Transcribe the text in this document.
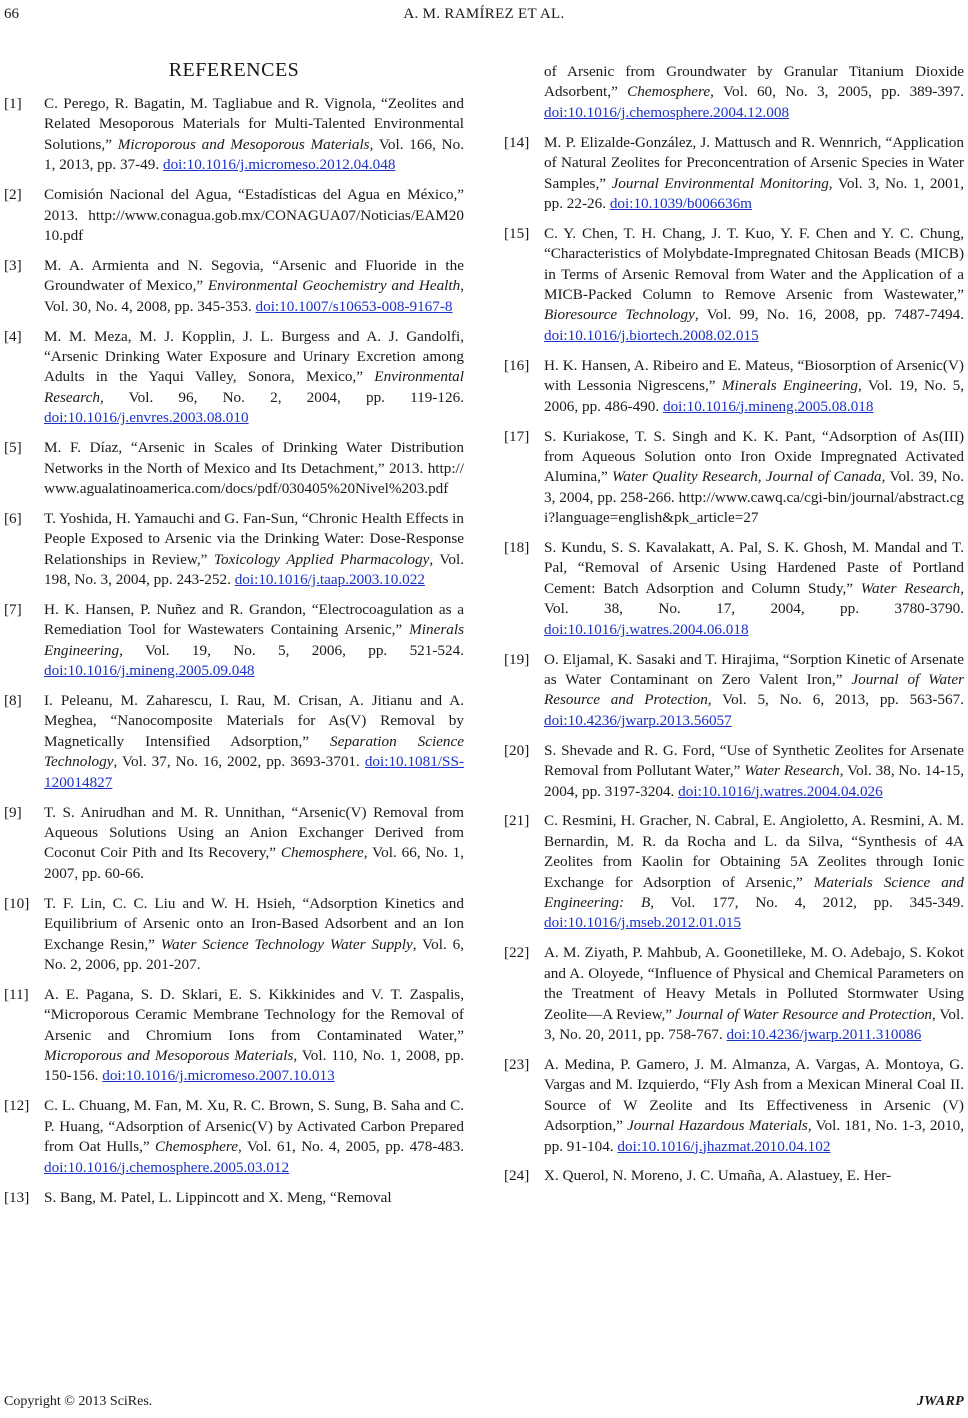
66	A. M. RAMÍREZ ET AL.
REFERENCES
[1]	C. Perego, R. Bagatin, M. Tagliabue and R. Vignola, “Zeolites and Related Mesoporous Materials for Multi-Talented Environmental Solutions,” Microporous and Mesoporous Materials, Vol. 166, No. 1, 2013, pp. 37-49. doi:10.1016/j.micromeso.2012.04.048
[2]	Comisión Nacional del Agua, “Estadísticas del Agua en México,” 2013. http://www.conagua.gob.mx/CONAGUA07/Noticias/EAM2010.pdf
[3]	M. A. Armienta and N. Segovia, “Arsenic and Fluoride in the Groundwater of Mexico,” Environmental Geochemistry and Health, Vol. 30, No. 4, 2008, pp. 345-353. doi:10.1007/s10653-008-9167-8
[4]	M. M. Meza, M. J. Kopplin, J. L. Burgess and A. J. Gandolfi, “Arsenic Drinking Water Exposure and Urinary Excretion among Adults in the Yaqui Valley, Sonora, Mexico,” Environmental Research, Vol. 96, No. 2, 2004, pp. 119-126. doi:10.1016/j.envres.2003.08.010
[5]	M. F. Díaz, “Arsenic in Scales of Drinking Water Distribution Networks in the North of Mexico and Its Detachment,” 2013. http://www.agualatinoamerica.com/docs/pdf/030405%20Nivel%203.pdf
[6]	T. Yoshida, H. Yamauchi and G. Fan-Sun, “Chronic Health Effects in People Exposed to Arsenic via the Drinking Water: Dose-Response Relationships in Review,” Toxicology Applied Pharmacology, Vol. 198, No. 3, 2004, pp. 243-252. doi:10.1016/j.taap.2003.10.022
[7]	H. K. Hansen, P. Nuñez and R. Grandon, “Electrocoagulation as a Remediation Tool for Wastewaters Containing Arsenic,” Minerals Engineering, Vol. 19, No. 5, 2006, pp. 521-524. doi:10.1016/j.mineng.2005.09.048
[8]	I. Peleanu, M. Zaharescu, I. Rau, M. Crisan, A. Jitianu and A. Meghea, “Nanocomposite Materials for As(V) Removal by Magnetically Intensified Adsorption,” Separation Science Technology, Vol. 37, No. 16, 2002, pp. 3693-3701. doi:10.1081/SS-120014827
[9]	T. S. Anirudhan and M. R. Unnithan, “Arsenic(V) Removal from Aqueous Solutions Using an Anion Exchanger Derived from Coconut Coir Pith and Its Recovery,” Chemosphere, Vol. 66, No. 1, 2007, pp. 60-66.
[10] T. F. Lin, C. C. Liu and W. H. Hsieh, “Adsorption Kinetics and Equilibrium of Arsenic onto an Iron-Based Adsorbent and an Ion Exchange Resin,” Water Science Technology Water Supply, Vol. 6, No. 2, 2006, pp. 201-207.
[11]	A. E. Pagana, S. D. Sklari, E. S. Kikkinides and V. T. Zaspalis, “Microporous Ceramic Membrane Technology for the Removal of Arsenic and Chromium Ions from Contaminated Water,” Microporous and Mesoporous Materials, Vol. 110, No. 1, 2008, pp. 150-156. doi:10.1016/j.micromeso.2007.10.013
[12] C. L. Chuang, M. Fan, M. Xu, R. C. Brown, S. Sung, B. Saha and C. P. Huang, “Adsorption of Arsenic(V) by Activated Carbon Prepared from Oat Hulls,” Chemosphere, Vol. 61, No. 4, 2005, pp. 478-483. doi:10.1016/j.chemosphere.2005.03.012
[13] S. Bang, M. Patel, L. Lippincott and X. Meng, “Removal
of Arsenic from Groundwater by Granular Titanium Dioxide Adsorbent,” Chemosphere, Vol. 60, No. 3, 2005, pp. 389-397. doi:10.1016/j.chemosphere.2004.12.008
[14] M. P. Elizalde-González, J. Mattusch and R. Wennrich, “Application of Natural Zeolites for Preconcentration of Arsenic Species in Water Samples,” Journal Environmental Monitoring, Vol. 3, No. 1, 2001, pp. 22-26. doi:10.1039/b006636m
[15] C. Y. Chen, T. H. Chang, J. T. Kuo, Y. F. Chen and Y. C. Chung, “Characteristics of Molybdate-Impregnated Chitosan Beads (MICB) in Terms of Arsenic Removal from Water and the Application of a MICB-Packed Column to Remove Arsenic from Wastewater,” Bioresource Technology, Vol. 99, No. 16, 2008, pp. 7487-7494. doi:10.1016/j.biortech.2008.02.015
[16] H. K. Hansen, A. Ribeiro and E. Mateus, “Biosorption of Arsenic(V) with Lessonia Nigrescens,” Minerals Engineering, Vol. 19, No. 5, 2006, pp. 486-490. doi:10.1016/j.mineng.2005.08.018
[17] S. Kuriakose, T. S. Singh and K. K. Pant, “Adsorption of As(III) from Aqueous Solution onto Iron Oxide Impregnated Activated Alumina,” Water Quality Research, Journal of Canada, Vol. 39, No. 3, 2004, pp. 258-266. http://www.cawq.ca/cgi-bin/journal/abstract.cgi?language=english&pk_article=27
[18] S. Kundu, S. S. Kavalakatt, A. Pal, S. K. Ghosh, M. Mandal and T. Pal, “Removal of Arsenic Using Hardened Paste of Portland Cement: Batch Adsorption and Column Study,” Water Research, Vol. 38, No. 17, 2004, pp. 3780-3790. doi:10.1016/j.watres.2004.06.018
[19] O. Eljamal, K. Sasaki and T. Hirajima, “Sorption Kinetic of Arsenate as Water Contaminant on Zero Valent Iron,” Journal of Water Resource and Protection, Vol. 5, No. 6, 2013, pp. 563-567. doi:10.4236/jwarp.2013.56057
[20] S. Shevade and R. G. Ford, “Use of Synthetic Zeolites for Arsenate Removal from Pollutant Water,” Water Research, Vol. 38, No. 14-15, 2004, pp. 3197-3204. doi:10.1016/j.watres.2004.04.026
[21] C. Resmini, H. Gracher, N. Cabral, E. Angioletto, A. Resmini, A. M. Bernardin, M. R. da Rocha and L. da Silva, “Synthesis of 4A Zeolites from Kaolin for Obtaining 5A Zeolites through Ionic Exchange for Adsorption of Arsenic,” Materials Science and Engineering: B, Vol. 177, No. 4, 2012, pp. 345-349. doi:10.1016/j.mseb.2012.01.015
[22] A. M. Ziyath, P. Mahbub, A. Goonetilleke, M. O. Adebajo, S. Kokot and A. Oloyede, “Influence of Physical and Chemical Parameters on the Treatment of Heavy Metals in Polluted Stormwater Using Zeolite—A Review,” Journal of Water Resource and Protection, Vol. 3, No. 20, 2011, pp. 758-767. doi:10.4236/jwarp.2011.310086
[23] A. Medina, P. Gamero, J. M. Almanza, A. Vargas, A. Montoya, G. Vargas and M. Izquierdo, “Fly Ash from a Mexican Mineral Coal II. Source of W Zeolite and Its Effectiveness in Arsenic (V) Adsorption,” Journal Hazardous Materials, Vol. 181, No. 1-3, 2010, pp. 91-104. doi:10.1016/j.jhazmat.2010.04.102
[24] X. Querol, N. Moreno, J. C. Umaña, A. Alastuey, E. Her-
Copyright © 2013 SciRes.	JWARP
